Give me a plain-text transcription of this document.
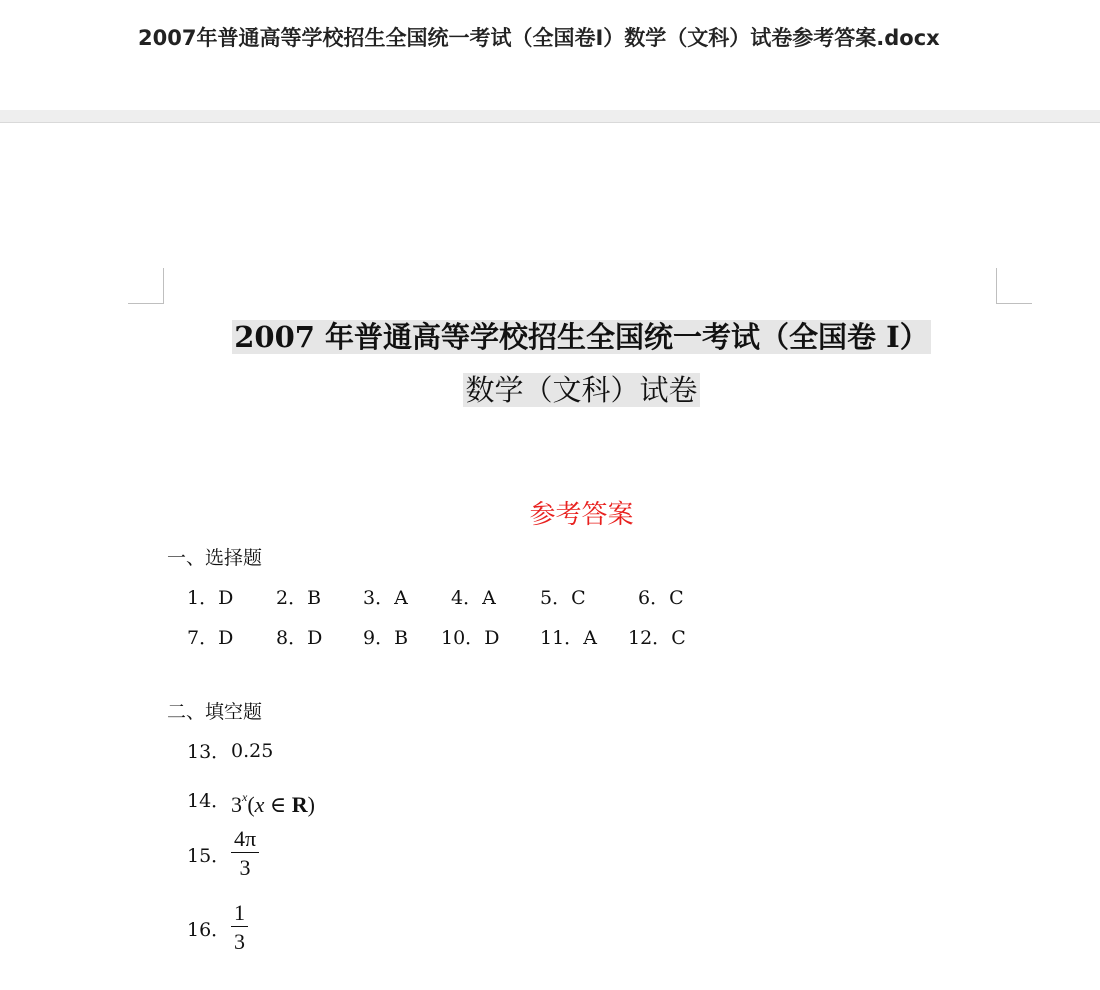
2007年普通高等学校招生全国统一考试（全国卷I）数学（文科）试卷参考答案.docx
2007 年普通高等学校招生全国统一考试（全国卷 I）
数学（文科）试卷
参考答案
一、选择题
1．D 2．B 3．A 4．A 5．C	6．C
7．D 8．D 9．B 10．D 11．A 12．C
二、填空题
13．0.25
14．3$^x$(x ∈ R)
15． $\frac{4\pi}{3}$
16． $\frac{1}{3}$
